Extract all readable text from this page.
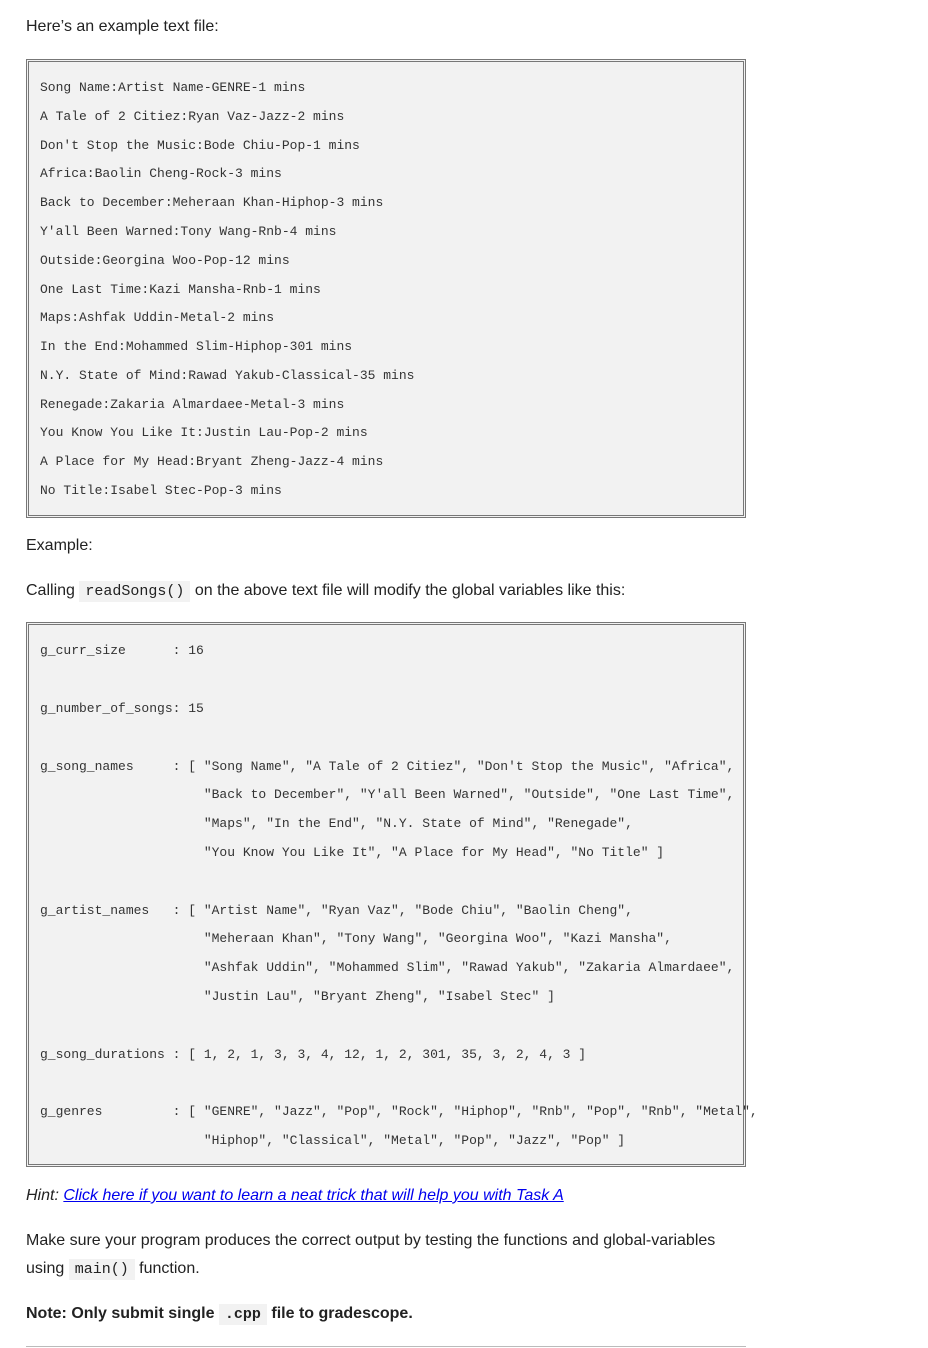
Here’s an example text file:

Song Name:Artist Name-GENRE-1 mins
A Tale of 2 Citiez:Ryan Vaz-Jazz-2 mins
Don't Stop the Music:Bode Chiu-Pop-1 mins
Africa:Baolin Cheng-Rock-3 mins
Back to December:Meheraan Khan-Hiphop-3 mins
Y'all Been Warned:Tony Wang-Rnb-4 mins
Outside:Georgina Woo-Pop-12 mins
One Last Time:Kazi Mansha-Rnb-1 mins
Maps:Ashfak Uddin-Metal-2 mins
In the End:Mohammed Slim-Hiphop-301 mins
N.Y. State of Mind:Rawad Yakub-Classical-35 mins
Renegade:Zakaria Almardaee-Metal-3 mins
You Know You Like It:Justin Lau-Pop-2 mins
A Place for My Head:Bryant Zheng-Jazz-4 mins
No Title:Isabel Stec-Pop-3 mins

Example:

Calling readSongs() on the above text file will modify the global variables like this:

g_curr_size      : 16
g_number_of_songs: 15
g_song_names     : [ "Song Name", "A Tale of 2 Citiez", "Don't Stop the Music", "Africa",
"Back to December", "Y'all Been Warned", "Outside", "One Last Time",
"Maps", "In the End", "N.Y. State of Mind", "Renegade",
"You Know You Like It", "A Place for My Head", "No Title" ]
g_artist_names   : [ "Artist Name", "Ryan Vaz", "Bode Chiu", "Baolin Cheng",
"Meheraan Khan", "Tony Wang", "Georgina Woo", "Kazi Mansha",
"Ashfak Uddin", "Mohammed Slim", "Rawad Yakub", "Zakaria Almardaee",
"Justin Lau", "Bryant Zheng", "Isabel Stec" ]
g_song_durations : [ 1, 2, 1, 3, 3, 4, 12, 1, 2, 301, 35, 3, 2, 4, 3 ]
g_genres         : [ "GENRE", "Jazz", "Pop", "Rock", "Hiphop", "Rnb", "Pop", "Rnb", "Metal",
"Hiphop", "Classical", "Metal", "Pop", "Jazz", "Pop" ]

Hint: Click here if you want to learn a neat trick that will help you with Task A

Make sure your program produces the correct output by testing the functions and global-variables using main() function.

Note: Only submit single .cpp file to gradescope.
